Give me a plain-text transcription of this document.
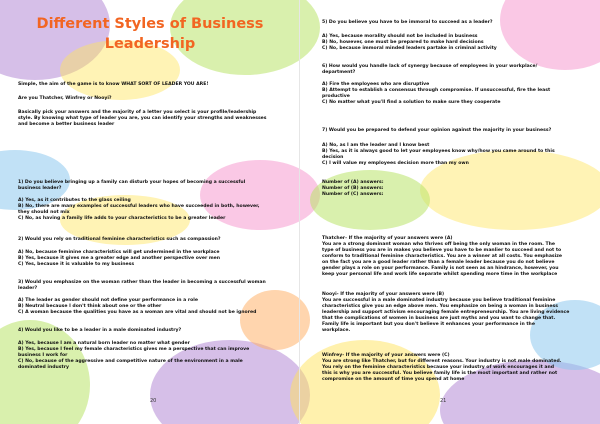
Different Styles of Business
Leadership
Simple, the aim of the game is to know WHAT SORT OF LEADER YOU ARE!
Are you Thatcher, Winfrey or Nooyi?
Basically pick your answers and the majority of a letter you select is your profile/leadership
style. By knowing what type of leader you are, you can identify your strengths and weaknesses
and become a better business leader
1) Do you believe bringing up a family can disturb your hopes of becoming a successful
business leader?
A) Yes, as it contributes to the glass ceiling
B) No, there are many examples of successful leaders who have succeeded in both, however,
they should not mix
C) No, as having a family life adds to your characteristics to be a greater leader
2) Would you rely on traditional feminine characteristics such as compassion?
A) No, because feminine characteristics will get undermined in the workplace
B) Yes, because it gives me a greater edge and another perspective over men
C) Yes, because it is valuable to my business
3) Would you emphasize on the woman rather than the leader in becoming a successful woman
leader?
A) The leader as gender should not define your performance in a role
B) Neutral because I don't think about one or the other
C) A woman because the qualities you have as a woman are vital and should not be ignored
4) Would you like to be a leader in a male dominated industry?
A) Yes, because I am a natural born leader no matter what gender
B) Yes, because I feel my female characteristics gives me a perspective that can improve
business I work for
C) No, because of the aggressive and competitive nature of the environment in a male
dominated industry
20
5) Do you believe you have to be immoral to succeed as a leader?
A) Yes, because morality should not be included in business
B) No, however, one must be prepared to make hard decisions
C) No, because immoral minded leaders partake in criminal activity
6) How would you handle lack of synergy because of employees in your workplace/
department?
A) Fire the employees who are disruptive
B) Attempt to establish a consensus through compromise. If unsuccessful, fire the least
productive
C) No matter what you'll find a solution to make sure they cooperate
7) Would you be prepared to defend your opinion against the majority in your business?
A) No, as I am the leader and I know best
B) Yes, as it is always good to let your employees know why/how you came around to this
decision
C) I will value my employees decision more than my own
Number of (A) answers:
Number of (B) answers:
Number of (C) answers:
Thatcher- If the majority of your answers were (A)
You are a strong dominant woman who thrives off being the only woman in the room. The
type of business you are in makes you believe you have to be manlier to succeed and not to
conform to traditional feminine characteristics. You are a winner at all costs. You emphasize
on the fact you are a good leader rather than a female leader because you do not believe
gender plays a role on your performance. Family is not seen as an hindrance, however, you
keep your personal life and work life separate whilst spending more time in the workplace
Nooyi- If the majority of your answers were (B)
You are successful in a male dominated industry because you believe traditional feminine
characteristics give you an edge above men. You emphasize on being a woman in business
leadership and support activism encouraging female entrepreneurship. You are living evidence
that the complications of women in business are just myths and you want to change that.
Family life is important but you don't believe it enhances your performance in the
workplace.
Winfrey- If the majority of your answers were (C)
You are strong like Thatcher, but for different reasons. Your industry is not male dominated.
You rely on the feminine characteristics because your industry of work encourages it and
this is why you are successful. You believe family life is the most important and rather not
compromise on the amount of time you spend at home
21
